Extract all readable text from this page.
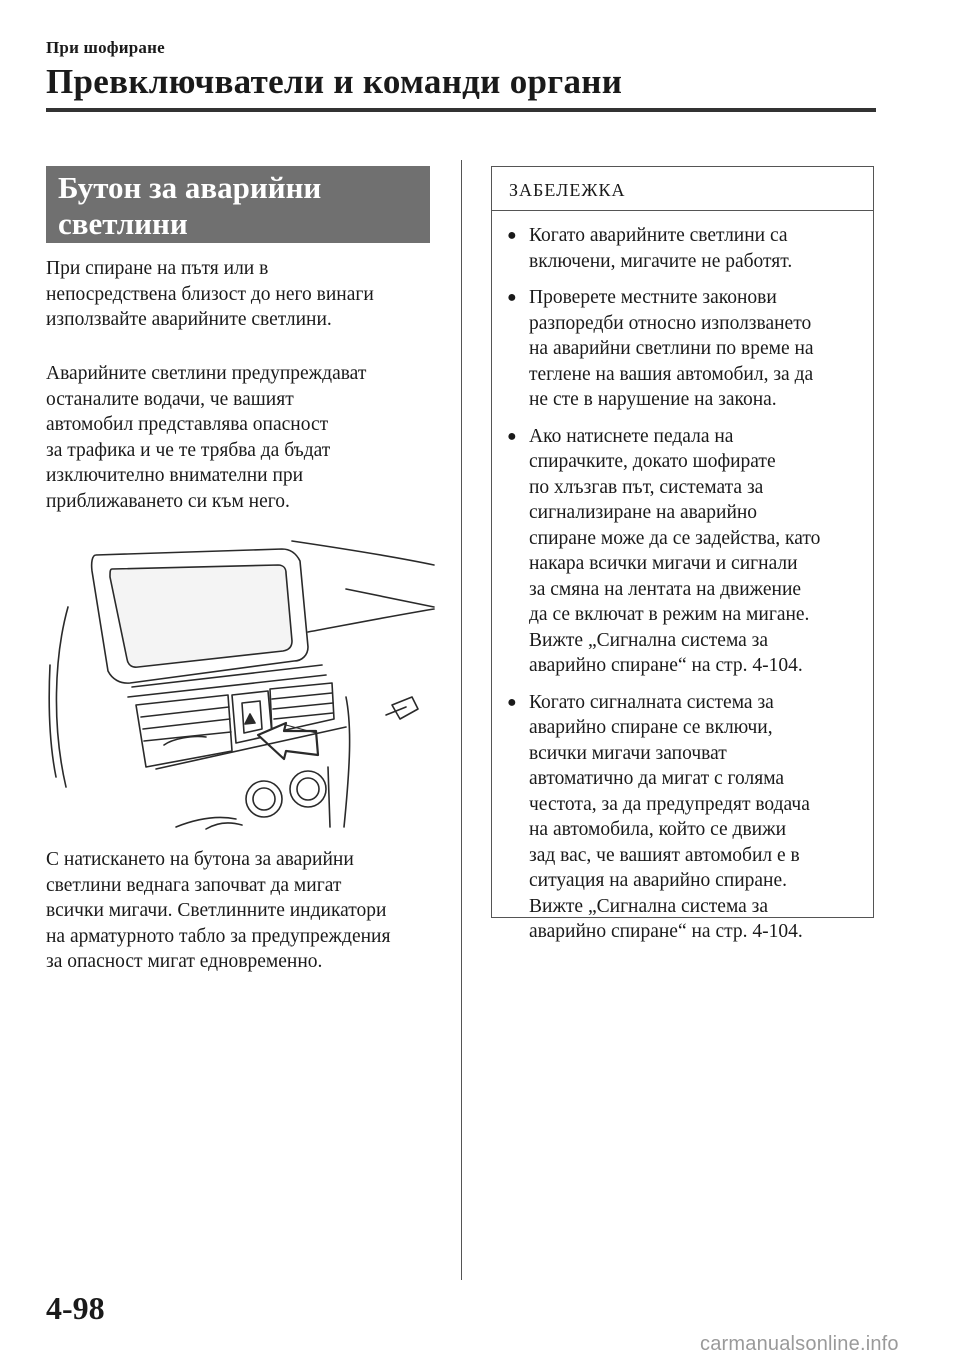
При шофиране
Превключватели и команди органи
Бутон за аварийни
светлини
При спиране на пътя или в
непосредствена близост до него винаги
използвайте аварийните светлини.
Аварийните светлини предупреждават
останалите водачи, че вашият
автомобил представлява опасност
за трафика и че те трябва да бъдат
изключително внимателни при
приближаването си към него.
С натискането на бутона за аварийни
светлини веднага започват да мигат
всички мигачи. Светлинните индикатори
на арматурното табло за предупреждения
за опасност мигат едновременно.
ЗАБЕЛЕЖКА
● Когато аварийните светлини са
включени, мигачите не работят.
● Проверете местните законови
разпоредби относно използването
на аварийни светлини по време на
теглене на вашия автомобил, за да
не сте в нарушение на закона.
● Ако натиснете педала на
спирачките, докато шофирате
по хлъзгав път, системата за
сигнализиране на аварийно
спиране може да се задейства, като
накара всички мигачи и сигнали
за смяна на лентата на движение
да се включат в режим на мигане.
Вижте „Сигнална система за
аварийно спиране“ на стр. 4-104.
● Когато сигналната система за
аварийно спиране се включи,
всички мигачи започват
автоматично да мигат с голяма
честота, за да предупредят водача
на автомобила, който се движи
зад вас, че вашият автомобил е в
ситуация на аварийно спиране.
Вижте „Сигнална система за
аварийно спиране“ на стр. 4-104.
4-98
carmanualsonline.info
